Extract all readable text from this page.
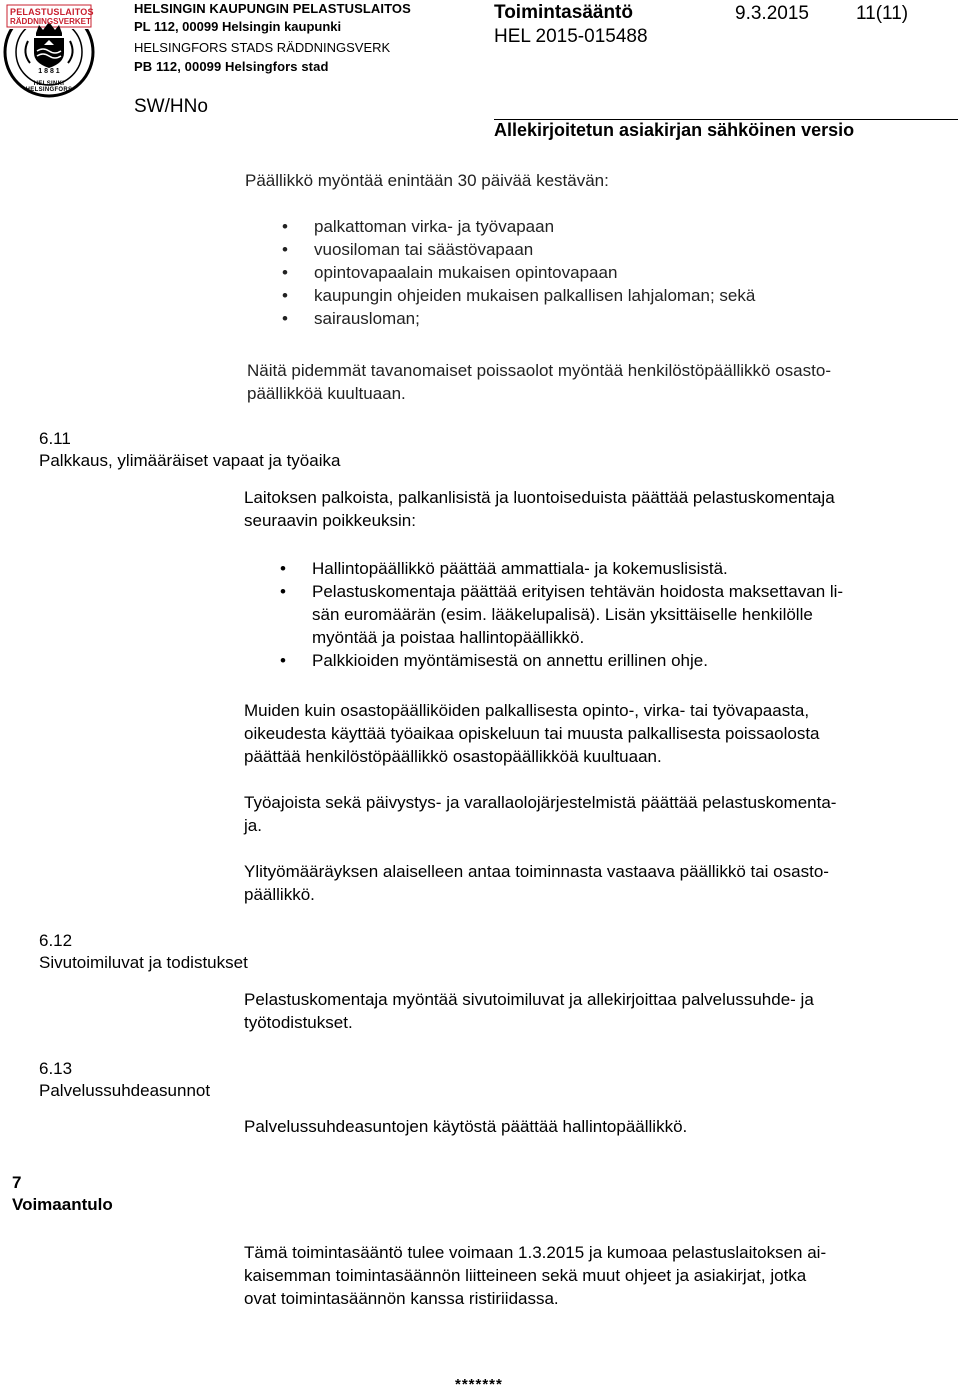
PELASTUSLAITOS
RÄDDNINGSVERKET
1 8 8 1
HELSINKI HELSINGFORS
HELSINGIN KAUPUNGIN PELASTUSLAITOS
PL 112, 00099 Helsingin kaupunki
HELSINGFORS STADS RÄDDNINGSVERK
PB 112, 00099 Helsingfors stad
SW/HNo
Toimintasääntö
HEL 2015-015488
9.3.2015 11(11)
Allekirjoitetun asiakirjan sähköinen versio
Päällikkö myöntää enintään 30 päivää kestävän:
• palkattoman virka- ja työvapaan
• vuosiloman tai säästövapaan
• opintovapaalain mukaisen opintovapaan
• kaupungin ohjeiden mukaisen palkallisen lahjaloman; sekä
• sairausloman;
Näitä pidemmät tavanomaiset poissaolot myöntää henkilöstöpäällikkö osasto-
päällikköä kuultuaan.
6.11
Palkkaus, ylimääräiset vapaat ja työaika
Laitoksen palkoista, palkanlisistä ja luontoiseduista päättää pelastuskomentaja
seuraavin poikkeuksin:
• Hallintopäällikkö päättää ammattiala- ja kokemuslisistä.
• Pelastuskomentaja päättää erityisen tehtävän hoidosta maksettavan li-
sän euromäärän (esim. lääkelupalisä). Lisän yksittäiselle henkilölle
myöntää ja poistaa hallintopäällikkö.
• Palkkioiden myöntämisestä on annettu erillinen ohje.
Muiden kuin osastopäälliköiden palkallisesta opinto-, virka- tai työvapaasta,
oikeudesta käyttää työaikaa opiskeluun tai muusta palkallisesta poissaolosta
päättää henkilöstöpäällikkö osastopäällikköä kuultuaan.
Työajoista sekä päivystys- ja varallaolojärjestelmistä päättää pelastuskomenta-
ja.
Ylityömääräyksen alaiselleen antaa toiminnasta vastaava päällikkö tai osasto-
päällikkö.
6.12
Sivutoimiluvat ja todistukset
Pelastuskomentaja myöntää sivutoimiluvat ja allekirjoittaa palvelussuhde- ja
työtodistukset.
6.13
Palvelussuhdeasunnot
Palvelussuhdeasuntojen käytöstä päättää hallintopäällikkö.
7
Voimaantulo
Tämä toimintasääntö tulee voimaan 1.3.2015 ja kumoaa pelastuslaitoksen ai-
kaisemman toimintasäännön liitteineen sekä muut ohjeet ja asiakirjat, jotka
ovat toimintasäännön kanssa ristiriidassa.
*******
